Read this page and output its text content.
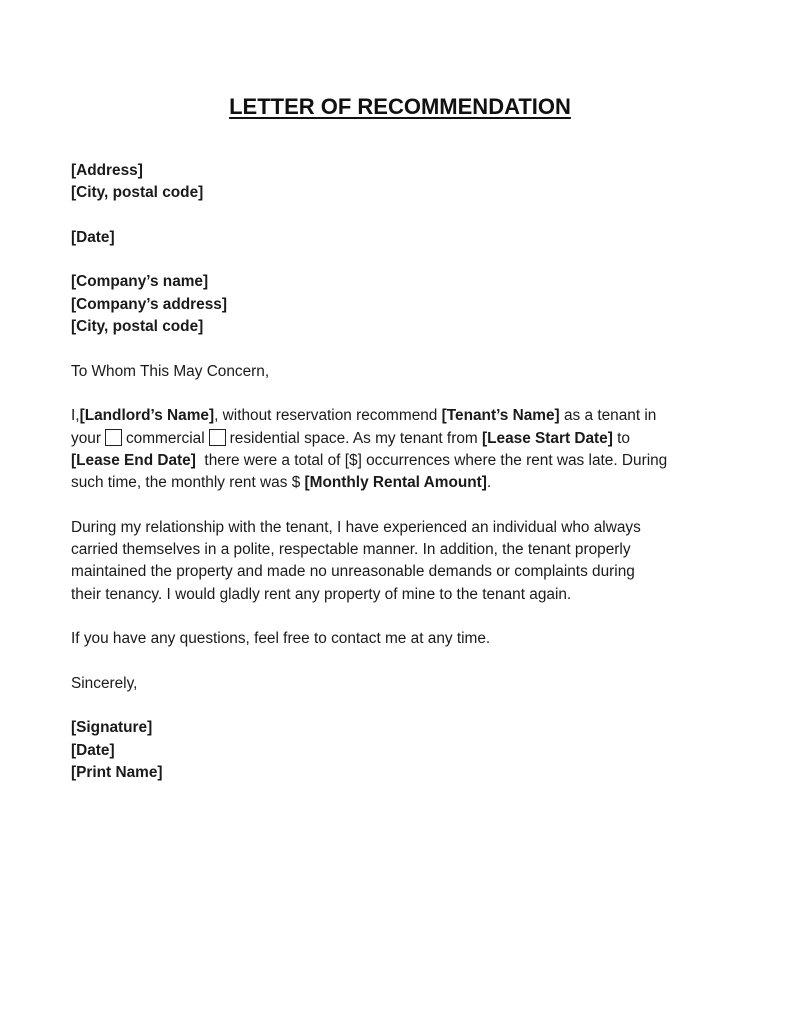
LETTER OF RECOMMENDATION
[Address]
[City, postal code]
[Date]
[Company’s name]
[Company’s address]
[City, postal code]
To Whom This May Concern,
I,[Landlord’s Name], without reservation recommend [Tenant’s Name] as a tenant in
your commercial residential space. As my tenant from [Lease Start Date] to
[Lease End Date]  there were a total of [$] occurrences where the rent was late. During
such time, the monthly rent was $ [Monthly Rental Amount].
During my relationship with the tenant, I have experienced an individual who always
carried themselves in a polite, respectable manner. In addition, the tenant properly
maintained the property and made no unreasonable demands or complaints during
their tenancy. I would gladly rent any property of mine to the tenant again.
If you have any questions, feel free to contact me at any time.
Sincerely,
[Signature]
[Date]
[Print Name]
